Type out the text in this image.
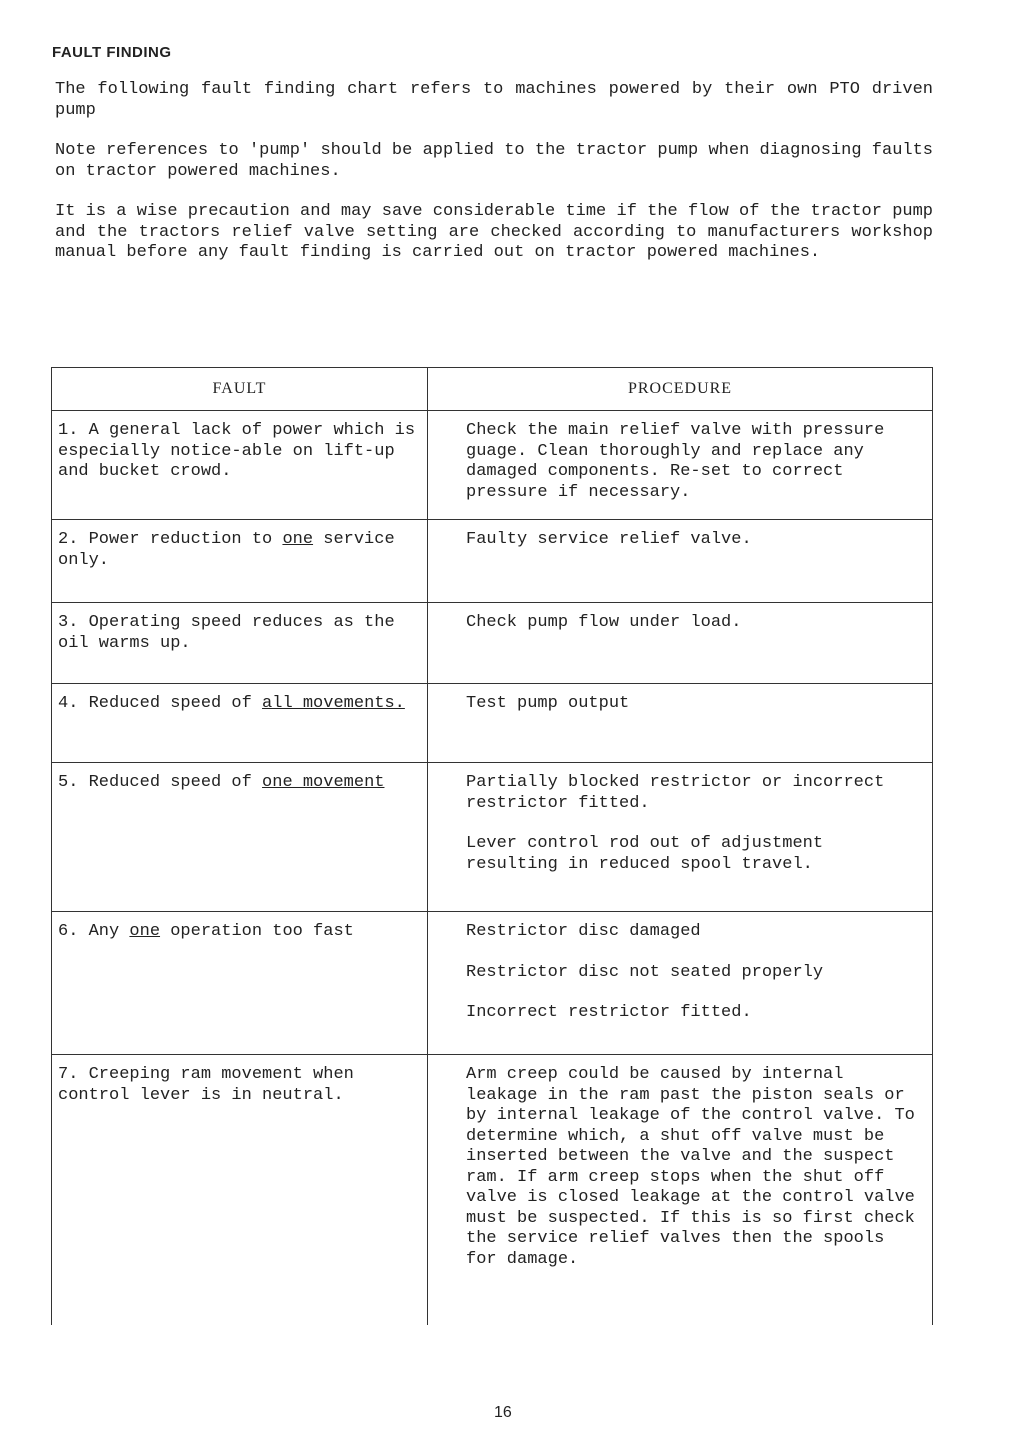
FAULT FINDING
The following fault finding chart refers to machines powered by their own PTO driven pump
Note references to 'pump' should be applied to the tractor pump when diagnosing faults on tractor powered machines.
It is a wise precaution and may save considerable time if the flow of the tractor pump and the tractors relief valve setting are checked according to manufacturers workshop manual before any fault finding is carried out on tractor powered machines.
FAULT	PROCEDURE
1. A general lack of power which is especially notice-able on lift-up and bucket crowd.	Check the main relief valve with pressure guage. Clean thoroughly and replace any damaged components. Re-set to correct pressure if necessary.

2. Power reduction to one service only.	Faulty service relief valve.

3. Operating speed reduces as the oil warms up.	Check pump flow under load.

4. Reduced speed of all movements.	Test pump output

5. Reduced speed of one movement	Partially blocked restrictor or incorrect restrictor fitted.

Lever control rod out of adjustment resulting in reduced spool travel.

6. Any one operation too fast	Restrictor disc damaged

Restrictor disc not seated properly

Incorrect restrictor fitted.

7. Creeping ram movement when control lever is in neutral.	Arm creep could be caused by internal leakage in the ram past the piston seals or by internal leakage of the control valve. To determine which, a shut off valve must be inserted between the valve and the suspect ram. If arm creep stops when the shut off valve is closed leakage at the control valve must be suspected. If this is so first check the service relief valves then the spools for damage.

16
